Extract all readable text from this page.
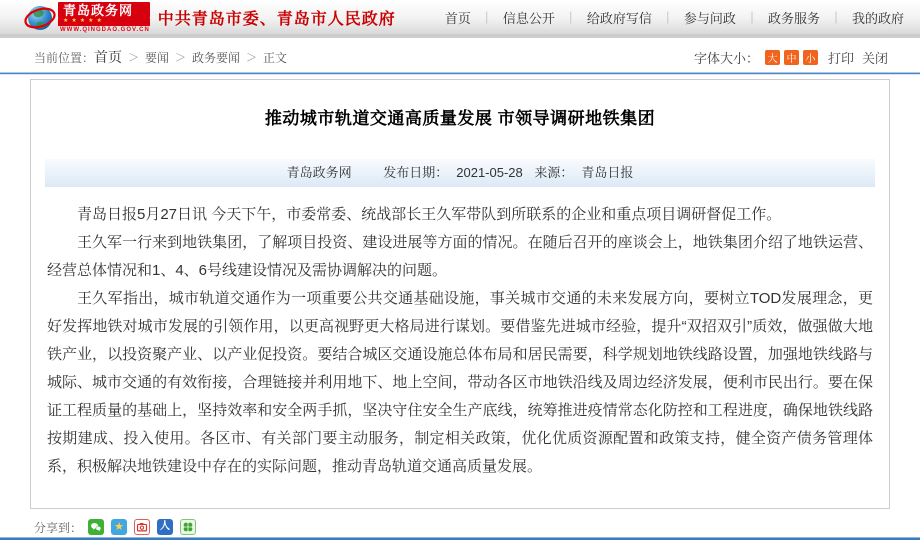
青岛政务网
★★★★★
WWW.QINGDAO.GOV.CN
中共青岛市委、青岛市人民政府	首页 ｜ 信息公开 ｜ 给政府写信 ｜ 参与问政 ｜ 政务服务 ｜ 我的政府
当前位置： 首页 ＞ 要闻 ＞ 政务要闻 ＞ 正文	字体大小： 大 中 小 打印 关闭
推动城市轨道交通高质量发展 市领导调研地铁集团
青岛政务网 发布日期： 2021-05-28 来源： 青岛日报

青岛日报5月27日讯 今天下午，市委常委、统战部长王久军带队到所联系的企业和重点项目调研督促工作。

王久军一行来到地铁集团，了解项目投资、建设进展等方面的情况。在随后召开的座谈会上，地铁集团介绍了地铁运营、经营总体情况和1、4、6号线建设情况及需协调解决的问题。

王久军指出，城市轨道交通作为一项重要公共交通基础设施，事关城市交通的未来发展方向，要树立TOD发展理念，更好发挥地铁对城市发展的引领作用，以更高视野更大格局进行谋划。要借鉴先进城市经验，提升“双招双引”质效，做强做大地铁产业，以投资聚产业、以产业促投资。要结合城区交通设施总体布局和居民需要，科学规划地铁线路设置，加强地铁线路与城际、城市交通的有效衔接，合理链接并利用地下、地上空间，带动各区市地铁沿线及周边经济发展，便利市民出行。要在保证工程质量的基础上，坚持效率和安全两手抓，坚决守住安全生产底线，统筹推进疫情常态化防控和工程进度，确保地铁线路按期建成、投入使用。各区市、有关部门要主动服务，制定相关政策，优化优质资源配置和政策支持，健全资产债务管理体系，积极解决地铁建设中存在的实际问题，推动青岛轨道交通高质量发展。

分享到：	★	人
